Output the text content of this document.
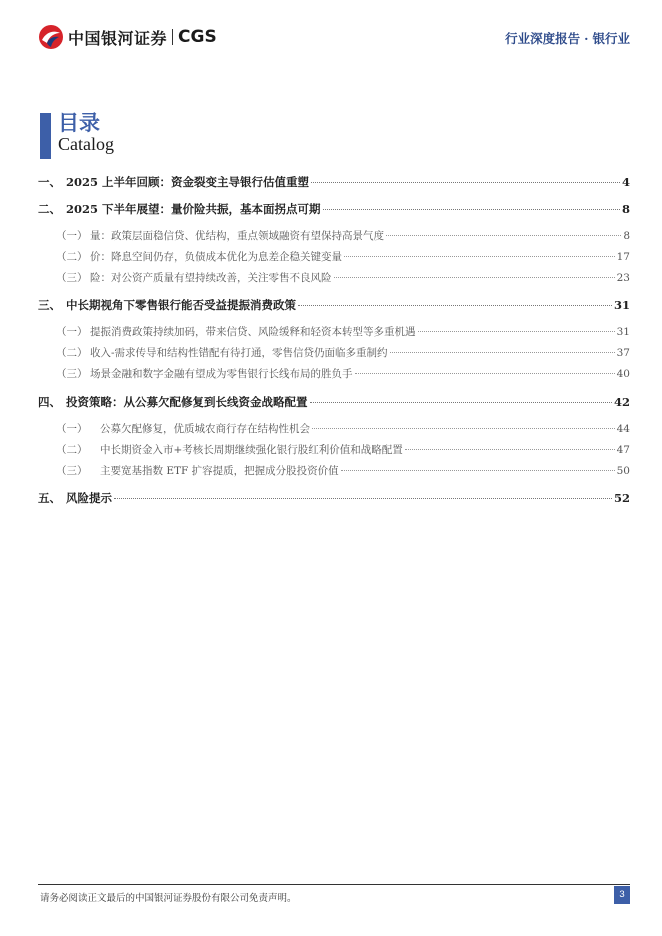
中国银河证券 CGS	行业深度报告 · 银行业
目录
Catalog
一、 2025 上半年回顾：资金裂变主导银行估值重塑	4
二、 2025 下半年展望：量价险共振，基本面拐点可期	8
（一） 量：政策层面稳信贷、优结构，重点领域融资有望保持高景气度	8
（二） 价：降息空间仍存，负债成本优化为息差企稳关键变量	17
（三） 险：对公资产质量有望持续改善，关注零售不良风险	23
三、 中长期视角下零售银行能否受益提振消费政策	31
（一） 提振消费政策持续加码，带来信贷、风险缓释和轻资本转型等多重机遇	31
（二） 收入-需求传导和结构性错配有待打通，零售信贷仍面临多重制约	37
（三） 场景金融和数字金融有望成为零售银行长线布局的胜负手	40
四、 投资策略：从公募欠配修复到长线资金战略配置	42
（一）	公募欠配修复，优质城农商行存在结构性机会	44
（二）	中长期资金入市+考核长周期继续强化银行股红利价值和战略配置	47
（三）	主要宽基指数 ETF 扩容提质，把握成分股投资价值	50
五、 风险提示	52
请务必阅读正文最后的中国银河证券股份有限公司免责声明。	3
